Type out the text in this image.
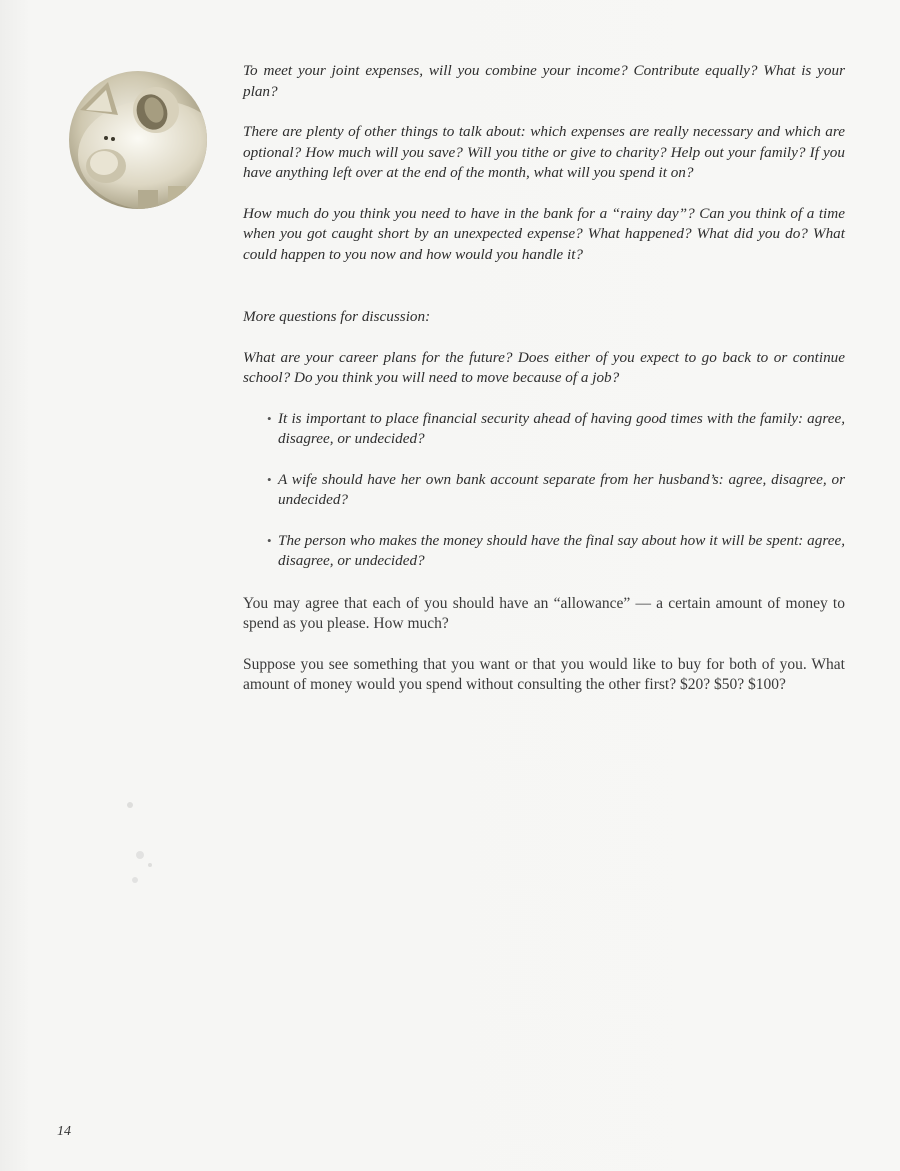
To meet your joint expenses, will you combine your income? Contribute equally? What is your plan?

There are plenty of other things to talk about: which expenses are really necessary and which are optional? How much will you save? Will you tithe or give to charity? Help out your family? If you have anything left over at the end of the month, what will you spend it on?

How much do you think you need to have in the bank for a “rainy day”? Can you think of a time when you got caught short by an unexpected expense? What happened? What did you do? What could happen to you now and how would you handle it?

More questions for discussion:

What are your career plans for the future? Does either of you expect to go back to or continue school? Do you think you will need to move because of a job?

• It is important to place financial security ahead of having good times with the family: agree, disagree, or undecided?
• A wife should have her own bank account separate from her husband’s: agree, disagree, or undecided?
• The person who makes the money should have the final say about how it will be spent: agree, disagree, or undecided?

You may agree that each of you should have an “allowance” — a certain amount of money to spend as you please. How much?

Suppose you see something that you want or that you would like to buy for both of you. What amount of money would you spend without consulting the other first? $20? $50? $100?

14
